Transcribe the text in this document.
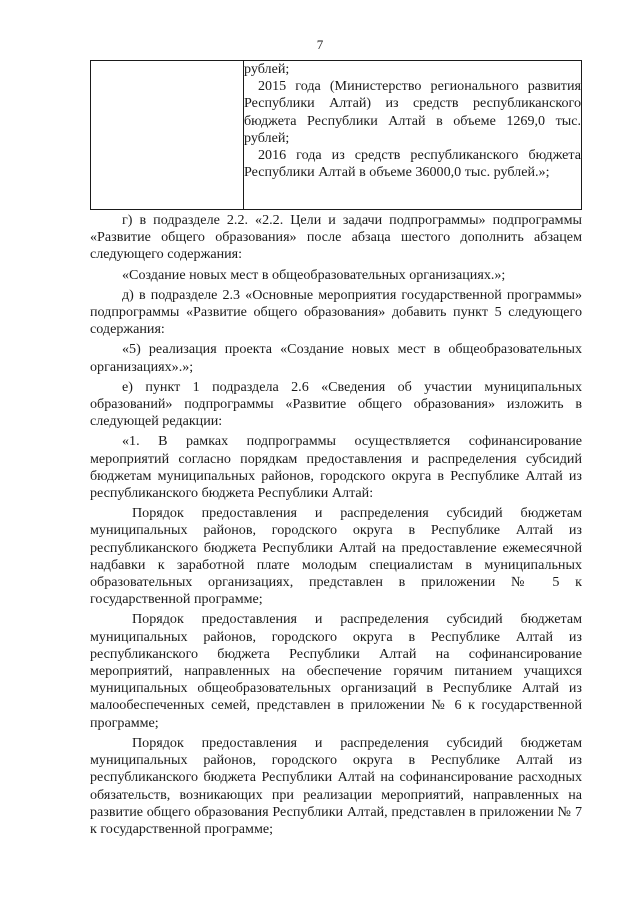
7

рублей;

2015 года (Министерство регионального развития Республики Алтай) из средств республиканского бюджета Республики Алтай в объеме 1269,0 тыс. рублей;

2016 года из средств республиканского бюджета Республики Алтай в объеме 36000,0 тыс. рублей.»;

г) в подразделе 2.2. «2.2. Цели и задачи подпрограммы» подпрограммы «Развитие общего образования» после абзаца шестого дополнить абзацем следующего содержания:

«Создание новых мест в общеобразовательных организациях.»;

д) в подразделе 2.3 «Основные мероприятия государственной программы» подпрограммы «Развитие общего образования» добавить пункт 5 следующего содержания:

«5) реализация проекта «Создание новых мест в общеобразовательных организациях».»;

е) пункт 1 подраздела 2.6 «Сведения об участии муниципальных образований» подпрограммы «Развитие общего образования» изложить в следующей редакции:

«1. В рамках подпрограммы осуществляется софинансирование мероприятий согласно порядкам предоставления и распределения субсидий бюджетам муниципальных районов, городского округа в Республике Алтай из республиканского бюджета Республики Алтай:

Порядок предоставления и распределения субсидий бюджетам муниципальных районов, городского округа в Республике Алтай из республиканского бюджета Республики Алтай на предоставление ежемесячной надбавки к заработной плате молодым специалистам в муниципальных образовательных организациях, представлен в приложении № 5 к государственной программе;

Порядок предоставления и распределения субсидий бюджетам муниципальных районов, городского округа в Республике Алтай из республиканского бюджета Республики Алтай на софинансирование мероприятий, направленных на обеспечение горячим питанием учащихся муниципальных общеобразовательных организаций в Республике Алтай из малообеспеченных семей, представлен в приложении № 6 к государственной программе;

Порядок предоставления и распределения субсидий бюджетам муниципальных районов, городского округа в Республике Алтай из республиканского бюджета Республики Алтай на софинансирование расходных обязательств, возникающих при реализации мероприятий, направленных на развитие общего образования Республики Алтай, представлен в приложении № 7 к государственной программе;
